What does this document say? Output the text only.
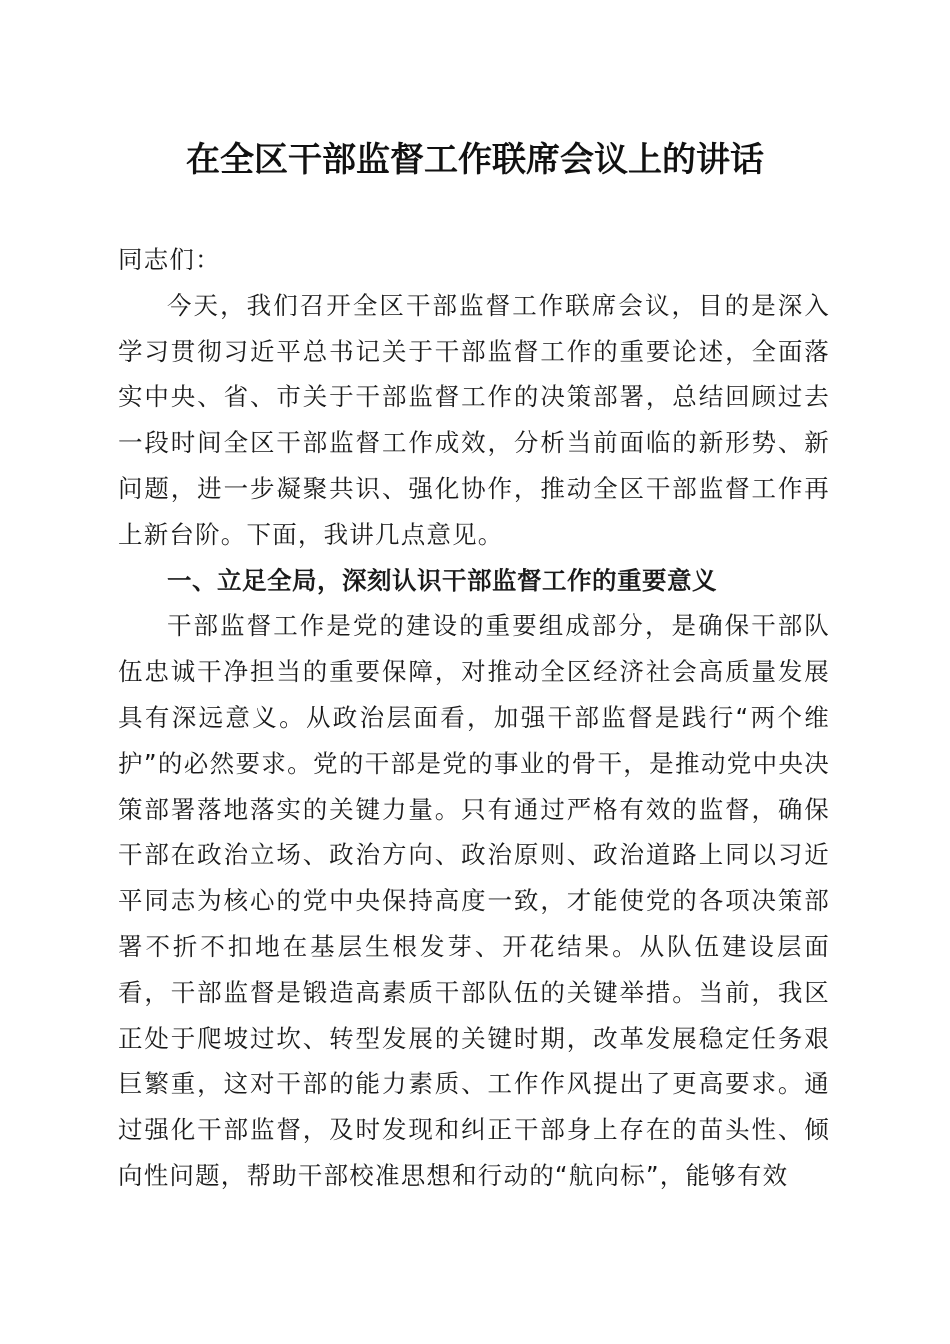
在全区干部监督工作联席会议上的讲话

同志们：

今天，我们召开全区干部监督工作联席会议，目的是深入学习贯彻习近平总书记关于干部监督工作的重要论述，全面落实中央、省、市关于干部监督工作的决策部署，总结回顾过去一段时间全区干部监督工作成效，分析当前面临的新形势、新问题，进一步凝聚共识、强化协作，推动全区干部监督工作再上新台阶。下面，我讲几点意见。

一、立足全局，深刻认识干部监督工作的重要意义

干部监督工作是党的建设的重要组成部分，是确保干部队伍忠诚干净担当的重要保障，对推动全区经济社会高质量发展具有深远意义。从政治层面看，加强干部监督是践行“两个维护”的必然要求。党的干部是党的事业的骨干，是推动党中央决策部署落地落实的关键力量。只有通过严格有效的监督，确保干部在政治立场、政治方向、政治原则、政治道路上同以习近平同志为核心的党中央保持高度一致，才能使党的各项决策部署不折不扣地在基层生根发芽、开花结果。从队伍建设层面看，干部监督是锻造高素质干部队伍的关键举措。当前，我区正处于爬坡过坎、转型发展的关键时期，改革发展稳定任务艰巨繁重，这对干部的能力素质、工作作风提出了更高要求。通过强化干部监督，及时发现和纠正干部身上存在的苗头性、倾向性问题，帮助干部校准思想和行动的“航向标”，能够有效
